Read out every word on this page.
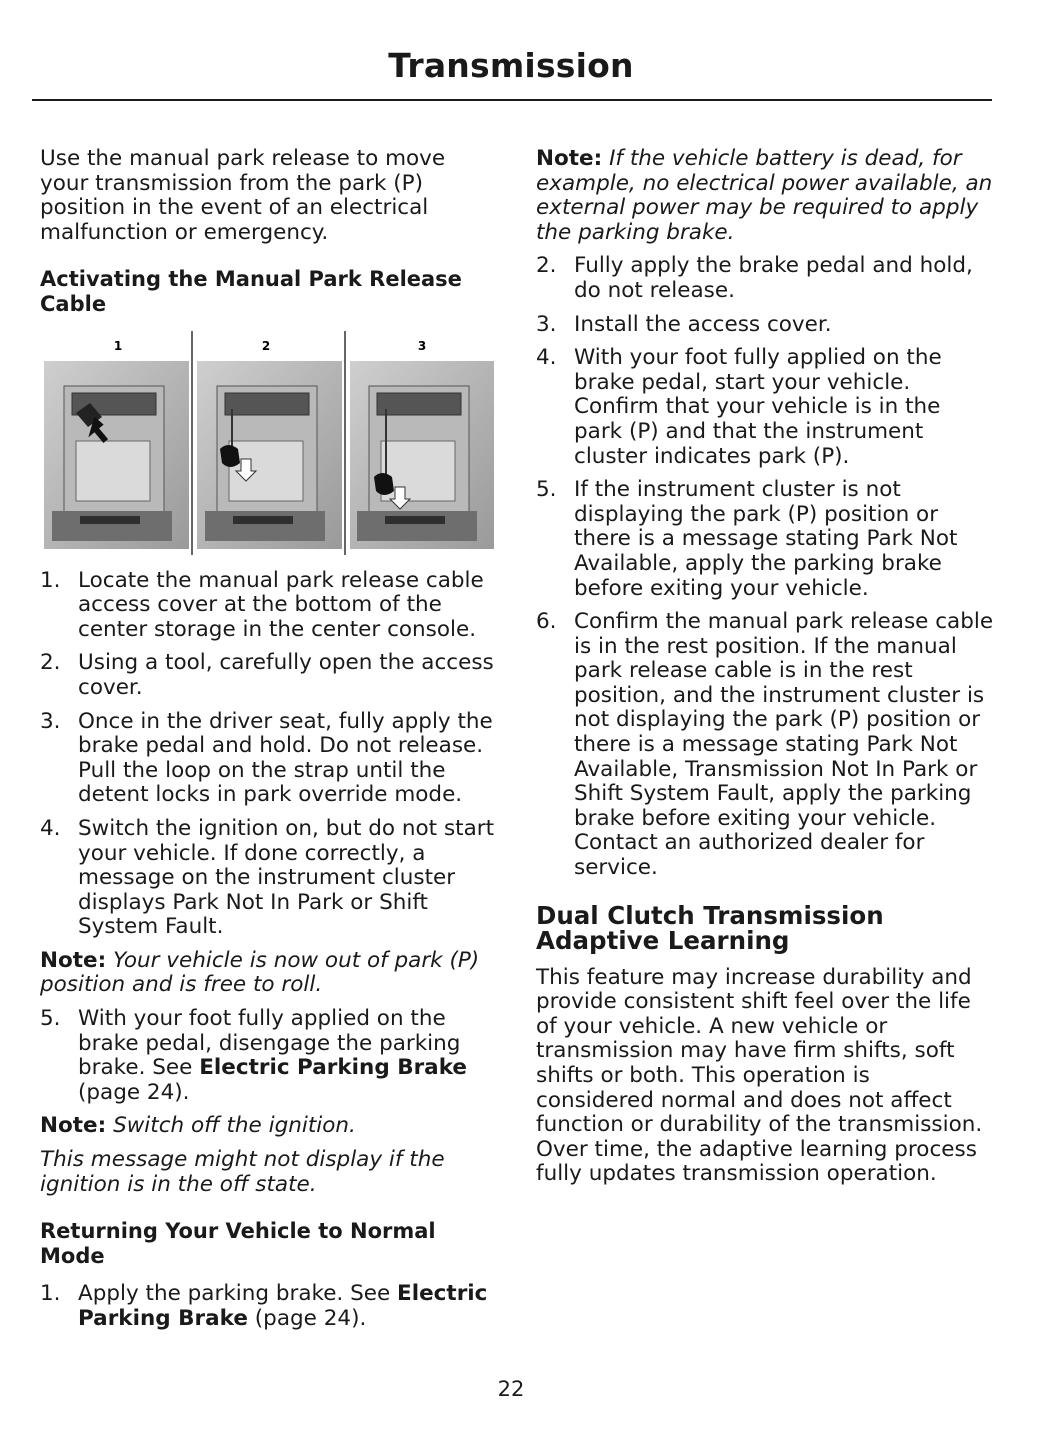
Transmission

Use the manual park release to move your transmission from the park (P) position in the event of an electrical malfunction or emergency.

Activating the Manual Park Release Cable

1	2	3
1. Locate the manual park release cable access cover at the bottom of the center storage in the center console.
2. Using a tool, carefully open the access cover.
3. Once in the driver seat, fully apply the brake pedal and hold. Do not release. Pull the loop on the strap until the detent locks in park override mode.
4. Switch the ignition on, but do not start your vehicle. If done correctly, a message on the instrument cluster displays Park Not In Park or Shift System Fault.

Note: Your vehicle is now out of park (P) position and is free to roll.

5. With your foot fully applied on the brake pedal, disengage the parking brake. See Electric Parking Brake (page 24).

Note: Switch off the ignition.

This message might not display if the ignition is in the off state.

Returning Your Vehicle to Normal Mode

1. Apply the parking brake. See Electric Parking Brake (page 24).

Note: If the vehicle battery is dead, for example, no electrical power available, an external power may be required to apply the parking brake.

2. Fully apply the brake pedal and hold, do not release.
3. Install the access cover.
4. With your foot fully applied on the brake pedal, start your vehicle. Confirm that your vehicle is in the park (P) and that the instrument cluster indicates park (P).
5. If the instrument cluster is not displaying the park (P) position or there is a message stating Park Not Available, apply the parking brake before exiting your vehicle.
6. Confirm the manual park release cable is in the rest position. If the manual park release cable is in the rest position, and the instrument cluster is not displaying the park (P) position or there is a message stating Park Not Available, Transmission Not In Park or Shift System Fault, apply the parking brake before exiting your vehicle. Contact an authorized dealer for service.

Dual Clutch Transmission Adaptive Learning

This feature may increase durability and provide consistent shift feel over the life of your vehicle. A new vehicle or transmission may have firm shifts, soft shifts or both. This operation is considered normal and does not affect function or durability of the transmission. Over time, the adaptive learning process fully updates transmission operation.

22
